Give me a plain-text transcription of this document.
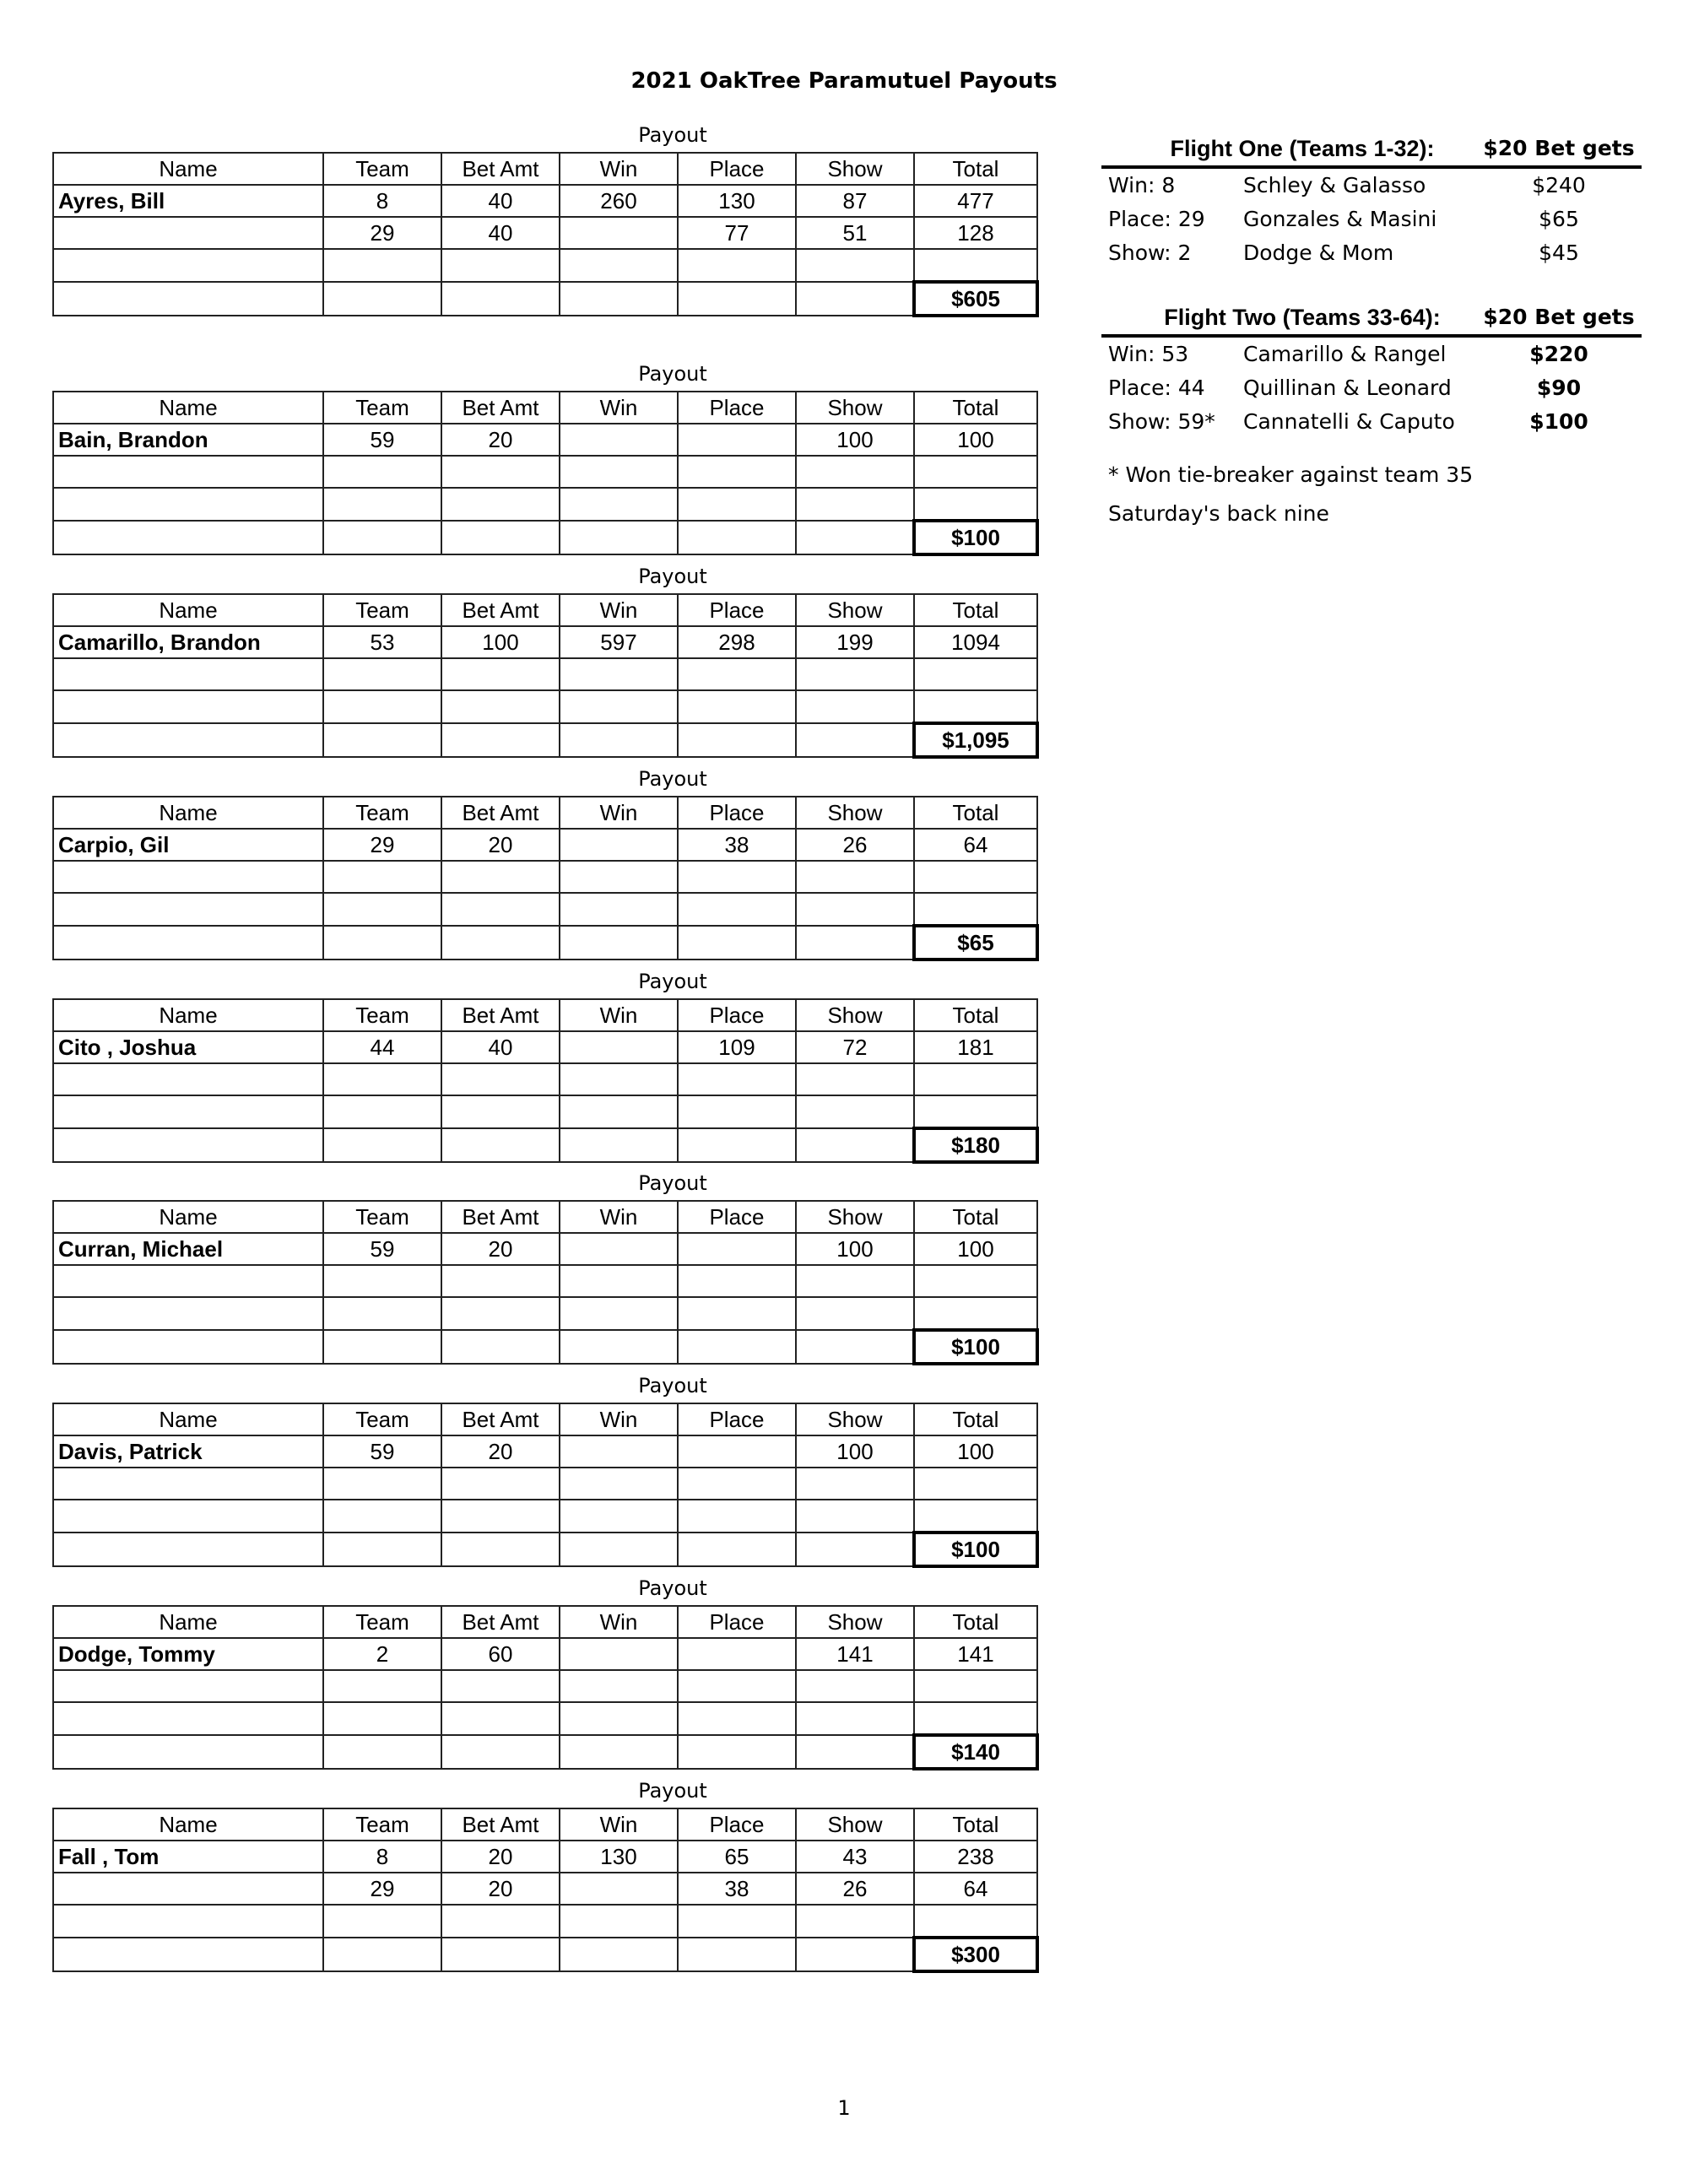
2021 OakTree Paramutuel Payouts
Payout
Name	Team	Bet Amt	Win	Place	Show	Total
Ayres, Bill	8	40	260	130	87	477
	29	40		77	51	128

						$605
Payout
Name	Team	Bet Amt	Win	Place	Show	Total
Bain, Brandon	59	20			100	100

						$100
Payout
Name	Team	Bet Amt	Win	Place	Show	Total
Camarillo, Brandon	53	100	597	298	199	1094

						$1,095
Payout
Name	Team	Bet Amt	Win	Place	Show	Total
Carpio, Gil	29	20		38	26	64

						$65
Payout
Name	Team	Bet Amt	Win	Place	Show	Total
Cito , Joshua	44	40		109	72	181

						$180
Payout
Name	Team	Bet Amt	Win	Place	Show	Total
Curran, Michael	59	20			100	100

						$100
Payout
Name	Team	Bet Amt	Win	Place	Show	Total
Davis, Patrick	59	20			100	100

						$100
Payout
Name	Team	Bet Amt	Win	Place	Show	Total
Dodge, Tommy	2	60			141	141

						$140
Payout
Name	Team	Bet Amt	Win	Place	Show	Total
Fall , Tom	8	20	130	65	43	238
	29	20		38	26	64

						$300
Flight One (Teams 1-32):	$20 Bet gets
Win: 8	Schley & Galasso	$240
Place: 29 Gonzales & Masini	$65
Show: 2 Dodge & Mom	$45
Flight Two (Teams 33-64):	$20 Bet gets
Win: 53	Camarillo & Rangel	$220
Place: 44 Quillinan & Leonard	$90
Show: 59* Cannatelli & Caputo	$100
* Won tie-breaker against team 35
Saturday's back nine
1
